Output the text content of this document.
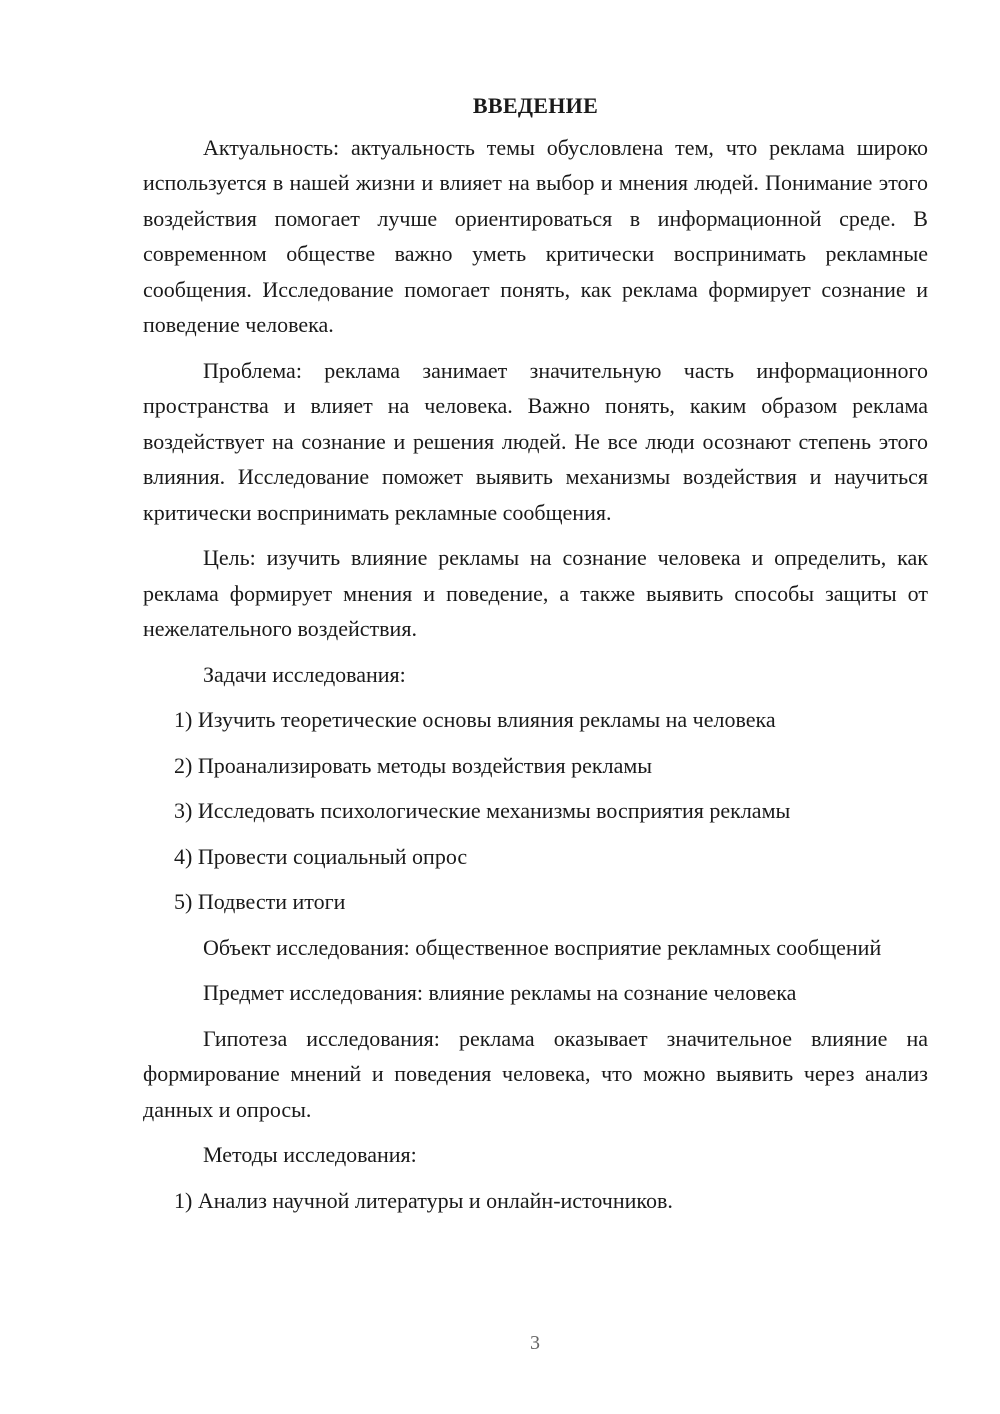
ВВЕДЕНИЕ

Актуальность: актуальность темы обусловлена тем, что реклама широко используется в нашей жизни и влияет на выбор и мнения людей. Понимание этого воздействия помогает лучше ориентироваться в информационной среде. В современном обществе важно уметь критически воспринимать рекламные сообщения. Исследование помогает понять, как реклама формирует сознание и поведение человека.

Проблема: реклама занимает значительную часть информационного пространства и влияет на человека. Важно понять, каким образом реклама воздействует на сознание и решения людей. Не все люди осознают степень этого влияния. Исследование поможет выявить механизмы воздействия и научиться критически воспринимать рекламные сообщения.

Цель: изучить влияние рекламы на сознание человека и определить, как реклама формирует мнения и поведение, а также выявить способы защиты от нежелательного воздействия.

Задачи исследования:
1) Изучить теоретические основы влияния рекламы на человека
2) Проанализировать методы воздействия рекламы
3) Исследовать психологические механизмы восприятия рекламы
4) Провести социальный опрос
5) Подвести итоги

Объект исследования: общественное восприятие рекламных сообщений

Предмет исследования: влияние рекламы на сознание человека

Гипотеза исследования: реклама оказывает значительное влияние на формирование мнений и поведения человека, что можно выявить через анализ данных и опросы.

Методы исследования:
1) Анализ научной литературы и онлайн-источников.
3
